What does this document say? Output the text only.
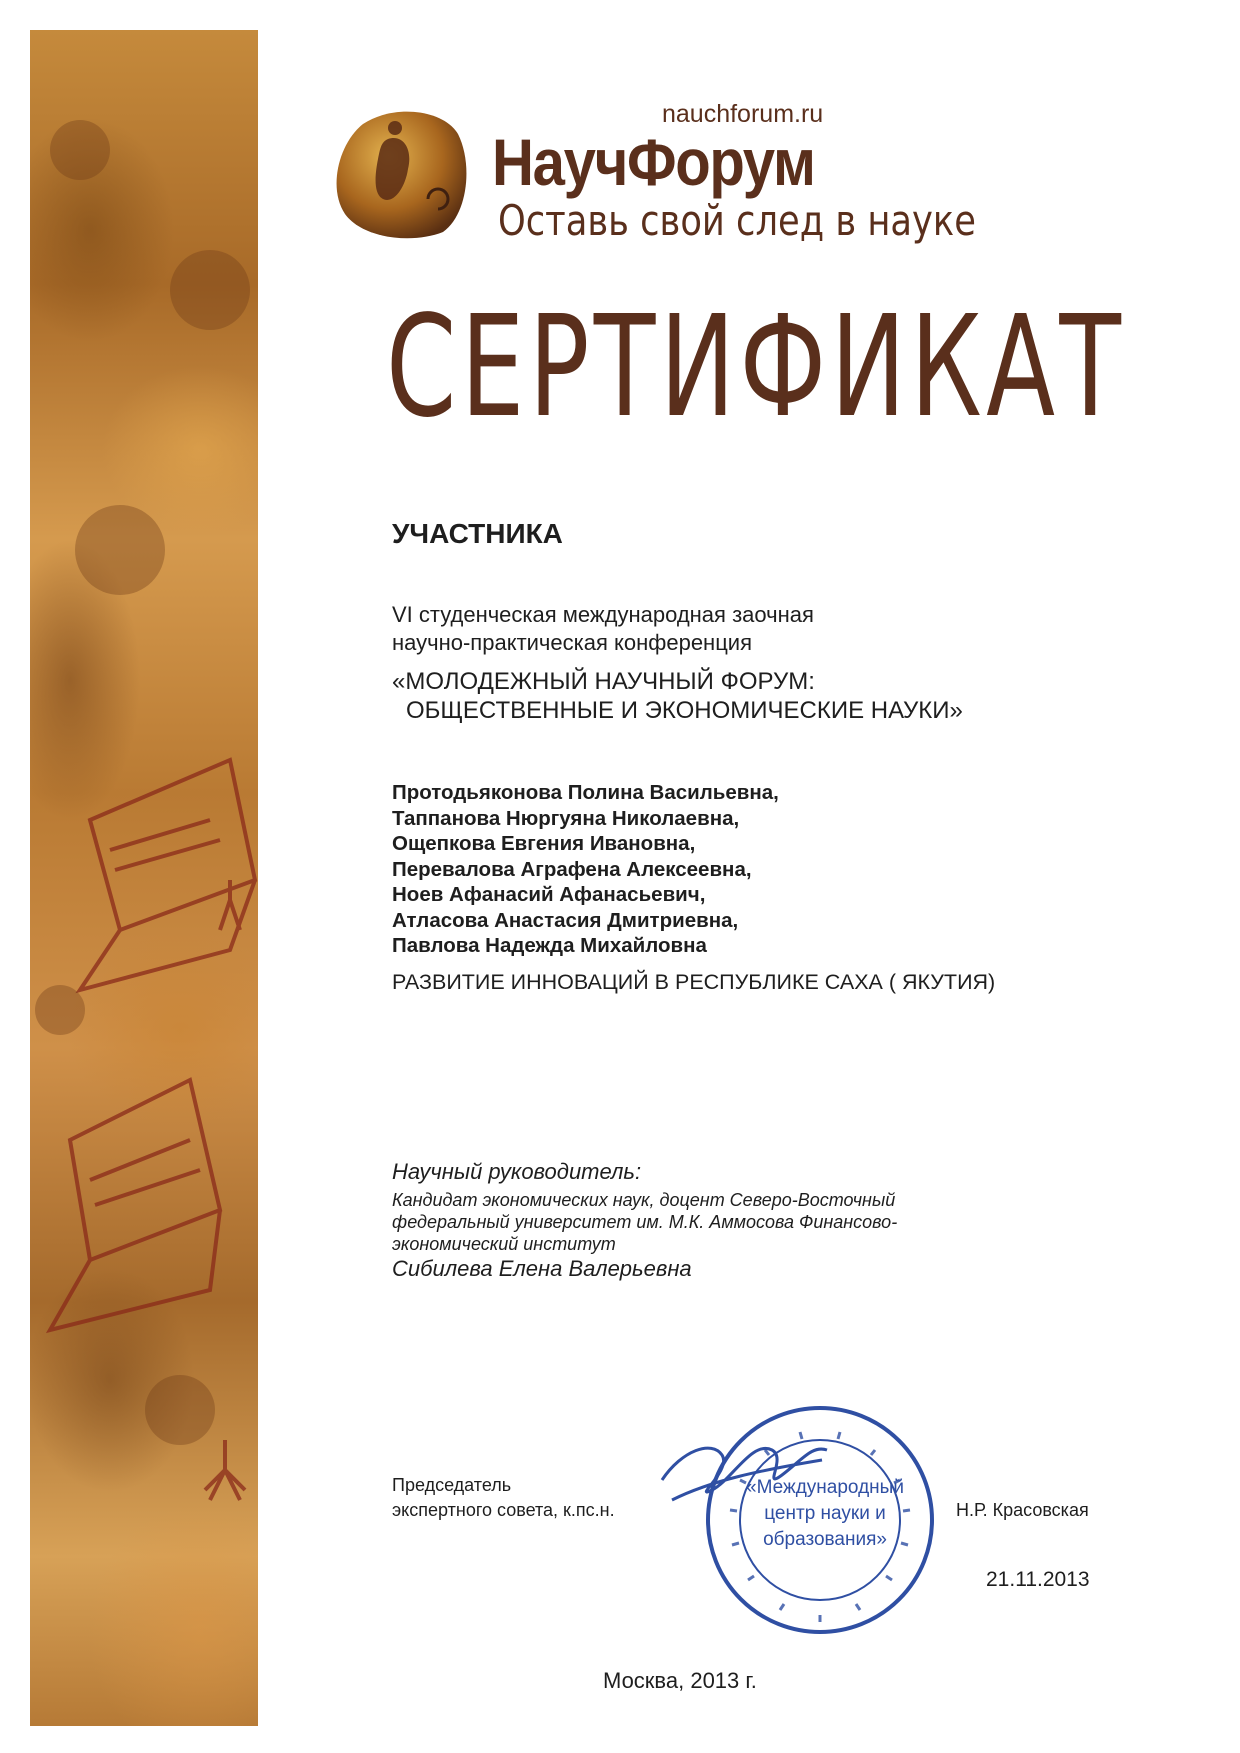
nauchforum.ru
НаучФорум
Оставь свой след в науке
СЕРТИФИКАТ
УЧАСТНИКА
VI студенческая международная заочная
научно-практическая конференция
«МОЛОДЕЖНЫЙ НАУЧНЫЙ ФОРУМ:
ОБЩЕСТВЕННЫЕ И ЭКОНОМИЧЕСКИЕ НАУКИ»
Протодьяконова Полина Васильевна,
Таппанова Нюргуяна Николаевна,
Ощепкова Евгения Ивановна,
Перевалова Аграфена Алексеевна,
Ноев Афанасий Афанасьевич,
Атласова Анастасия Дмитриевна,
Павлова Надежда Михайловна
РАЗВИТИЕ ИННОВАЦИЙ В РЕСПУБЛИКЕ САХА ( ЯКУТИЯ)
Научный руководитель:
Кандидат экономических наук, доцент Северо-Восточный федеральный университет им. М.К. Аммосова Финансово-экономический институт
Сибилева Елена Валерьевна
Председатель
экспертного совета, к.пс.н.
«Международный
центр науки и
образования»
Н.Р. Красовская
21.11.2013
Москва, 2013 г.
